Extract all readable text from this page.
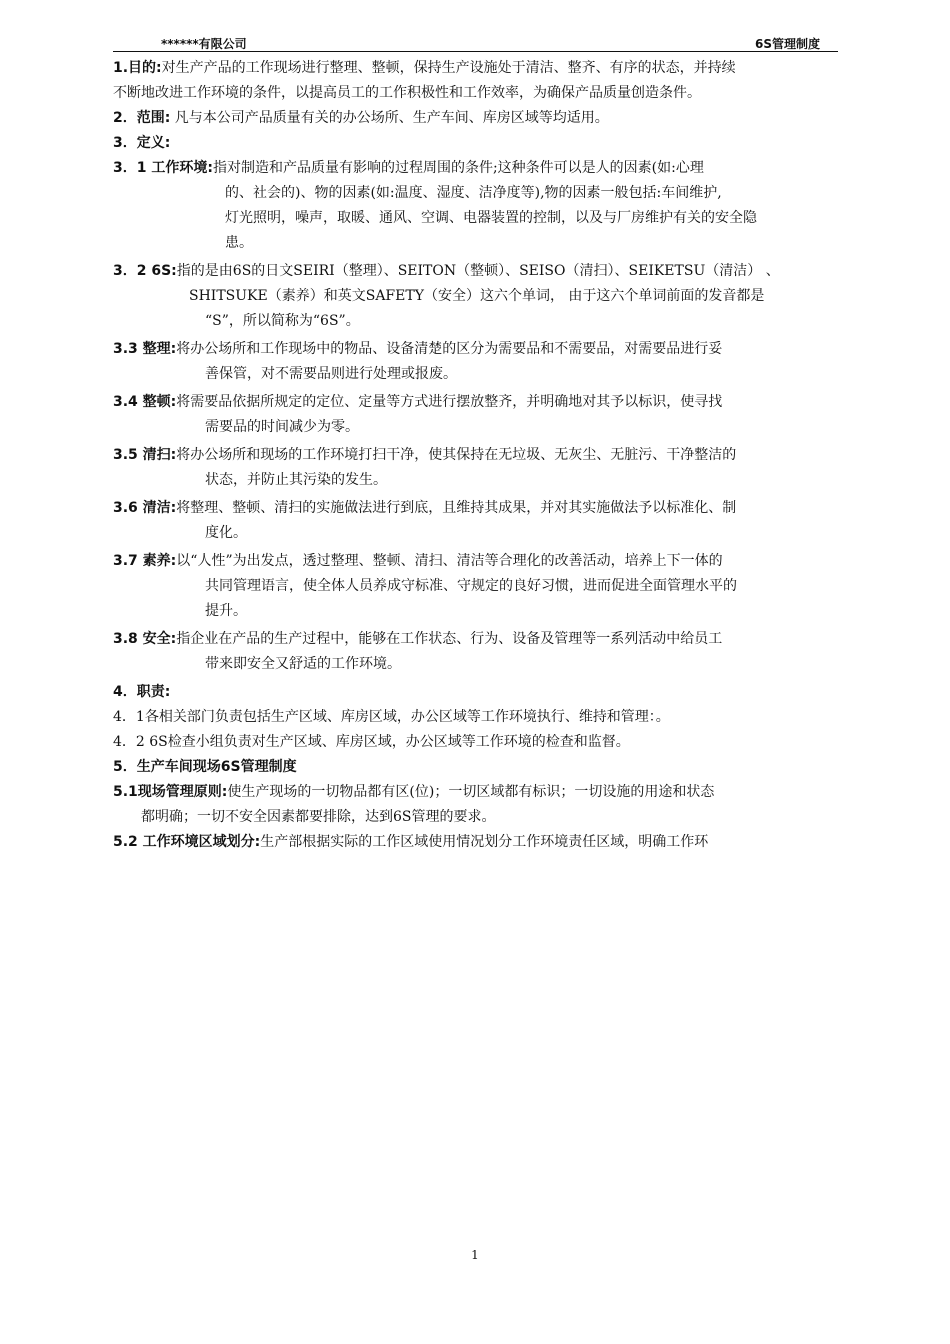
******有限公司	6S管理制度
1.目的:对生产产品的工作现场进行整理、整顿，保持生产设施处于清洁、整齐、有序的状态，并持续
不断地改进工作环境的条件，以提高员工的工作积极性和工作效率，为确保产品质量创造条件。
2．范围: 凡与本公司产品质量有关的办公场所、生产车间、库房区域等均适用。
3．定义:
3．1 工作环境:指对制造和产品质量有影响的过程周围的条件;这种条件可以是人的因素(如:心理
的、社会的)、物的因素(如:温度、湿度、洁净度等),物的因素一般包括:车间维护,
灯光照明，噪声，取暖、通风、空调、电器装置的控制，以及与厂房维护有关的安全隐
患。
3．2 6S:指的是由6S的日文SEIRI（整理）、SEITON（整顿）、SEISO（清扫）、SEIKETSU（清洁） 、
SHITSUKE（素养）和英文SAFETY（安全）这六个单词， 由于这六个单词前面的发音都是
“S”，所以简称为“6S”。
3.3 整理:将办公场所和工作现场中的物品、设备清楚的区分为需要品和不需要品，对需要品进行妥
善保管，对不需要品则进行处理或报废。
3.4 整顿:将需要品依据所规定的定位、定量等方式进行摆放整齐，并明确地对其予以标识，使寻找
需要品的时间减少为零。
3.5 清扫:将办公场所和现场的工作环境打扫干净，使其保持在无垃圾、无灰尘、无脏污、干净整洁的
状态，并防止其污染的发生。
3.6 清洁:将整理、整顿、清扫的实施做法进行到底，且维持其成果，并对其实施做法予以标准化、制
度化。
3.7 素养:以“人性”为出发点，透过整理、整顿、清扫、清洁等合理化的改善活动，培养上下一体的
共同管理语言，使全体人员养成守标准、守规定的良好习惯，进而促进全面管理水平的
提升。
3.8 安全:指企业在产品的生产过程中，能够在工作状态、行为、设备及管理等一系列活动中给员工
带来即安全又舒适的工作环境。
4．职责:
4．1各相关部门负责包括生产区域、库房区域，办公区域等工作环境执行、维持和管理：。
4．2 6S检查小组负责对生产区域、库房区域，办公区域等工作环境的检查和监督。
5．生产车间现场6S管理制度
5.1现场管理原则:使生产现场的一切物品都有区(位)；一切区域都有标识；一切设施的用途和状态
都明确；一切不安全因素都要排除，达到6S管理的要求。
5.2 工作环境区域划分:生产部根据实际的工作区域使用情况划分工作环境责任区域，明确工作环
1
